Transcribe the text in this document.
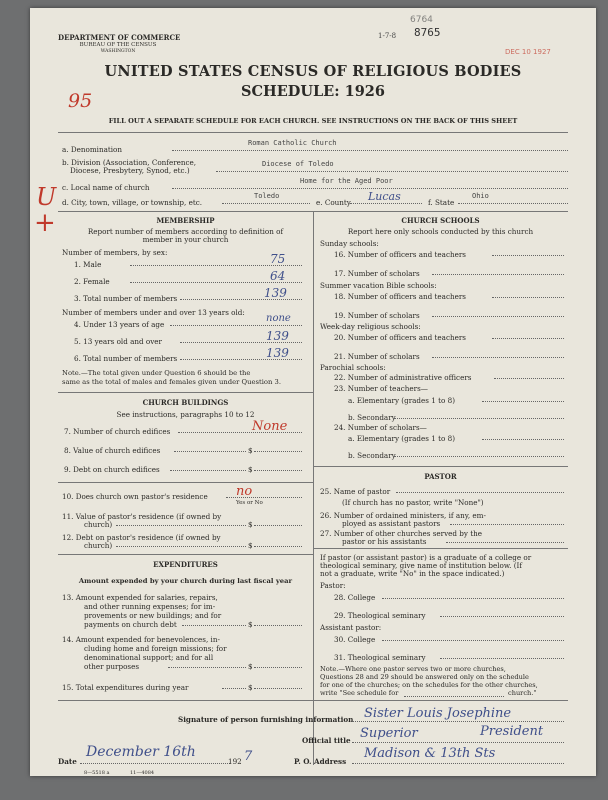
DEPARTMENT OF COMMERCE
BUREAU OF THE CENSUS
WASHINGTON
6764
1-7-8 8765
DEC 10 1927
UNITED STATES CENSUS OF RELIGIOUS BODIES
SCHEDULE: 1926
95
FILL OUT A SEPARATE SCHEDULE FOR EACH CHURCH. SEE INSTRUCTIONS ON THE BACK OF THIS SHEET
a. Denomination
Roman Catholic Church
b. Division (Association, Conference,
Diocese, Presbytery, Synod, etc.)
Diocese of Toledo
c. Local name of church
Home for the Aged Poor
U
+
d. City, town, village, or township, etc.
Toledo
e. County Lucas	f. State
Ohio
MEMBERSHIP
Report number of members according to definition of
member in your church
Number of members, by sex:
1. Male	75
2. Female	64
3. Total number of members	139
Number of members under and over 13 years old:
4. Under 13 years of age
none
5. 13 years old and over	139
6. Total number of members	139
Note.—The total given under Question 6 should be the
same as the total of males and females given under Question 3.
CHURCH BUILDINGS
See instructions, paragraphs 10 to 12
7. Number of church edifices	None
8. Value of church edifices	$
9. Debt on church edifices	$
10. Does church own pastor's residence no
Yes or No
11. Value of pastor's residence (if owned by
church)	$
12. Debt on pastor's residence (if owned by
church)	$
EXPENDITURES
Amount expended by your church during last fiscal year
13. Amount expended for salaries, repairs,
and other running expenses; for im-
provements or new buildings; and for
payments on church debt	$
14. Amount expended for benevolences, in-
cluding home and foreign missions; for
denominational support; and for all
other purposes	$
15. Total expenditures during year	$
CHURCH SCHOOLS
Report here only schools conducted by this church
Sunday schools:
16. Number of officers and teachers
17. Number of scholars
Summer vacation Bible schools:
18. Number of officers and teachers
19. Number of scholars
Week-day religious schools:
20. Number of officers and teachers
21. Number of scholars
Parochial schools:
22. Number of administrative officers
23. Number of teachers—
a. Elementary (grades 1 to 8)
b. Secondary
24. Number of scholars—
a. Elementary (grades 1 to 8)
b. Secondary
PASTOR
25. Name of pastor
(If church has no pastor, write "None")
26. Number of ordained ministers, if any, em-
ployed as assistant pastors
27. Number of other churches served by the
pastor or his assistants
If pastor (or assistant pastor) is a graduate of a college or
theological seminary, give name of institution below. (If
not a graduate, write "No" in the space indicated.)
Pastor:
28. College
29. Theological seminary
Assistant pastor:
30. College
31. Theological seminary
Note.—Where one pastor serves two or more churches,
Questions 28 and 29 should be answered only on the schedule
for one of the churches; on the schedules for the other churches,
write "See schedule for	church."
Signature of person furnishing information Sister Louis Josephine
Official title Superior	President
Date
December 16th
192 7	P. O. Address
Madison & 13th Sts
8—5518 a	11—4084
